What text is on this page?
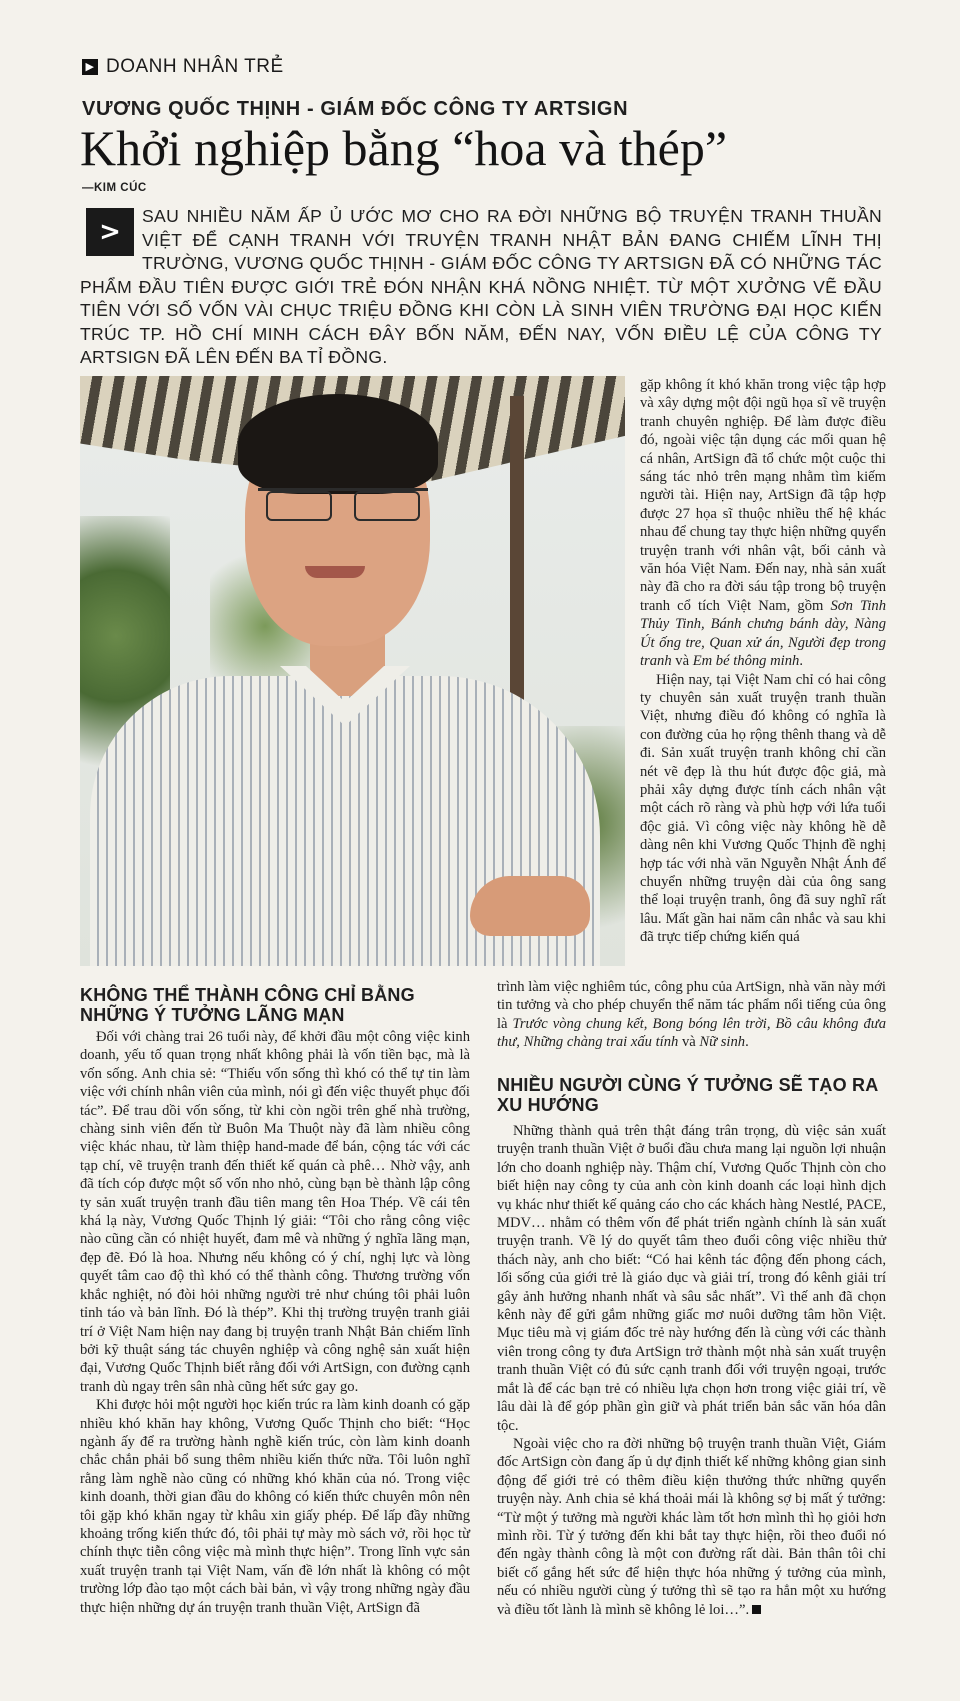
▶ DOANH NHÂN TRẺ
VƯƠNG QUỐC THỊNH - GIÁM ĐỐC CÔNG TY ARTSIGN
Khởi nghiệp bằng “hoa và thép”
—KIM CÚC
SAU NHIỀU NĂM ẤP Ủ ƯỚC MƠ CHO RA ĐỜI NHỮNG BỘ TRUYỆN TRANH THUẦN VIỆT ĐỂ CẠNH TRANH VỚI TRUYỆN TRANH NHẬT BẢN ĐANG CHIẾM LĨNH THỊ TRƯỜNG, VƯƠNG QUỐC THỊNH - GIÁM ĐỐC CÔNG TY ARTSIGN ĐÃ CÓ NHỮNG TÁC PHẨM ĐẦU TIÊN ĐƯỢC GIỚI TRẺ ĐÓN NHẬN KHÁ NỒNG NHIỆT. TỪ MỘT XƯỞNG VẼ ĐẦU TIÊN VỚI SỐ VỐN VÀI CHỤC TRIỆU ĐỒNG KHI CÒN LÀ SINH VIÊN TRƯỜNG ĐẠI HỌC KIẾN TRÚC TP. HỒ CHÍ MINH CÁCH ĐÂY BỐN NĂM, ĐẾN NAY, VỐN ĐIỀU LỆ CỦA CÔNG TY ARTSIGN ĐÃ LÊN ĐẾN BA TỈ ĐỒNG.
>

gặp không ít khó khăn trong việc tập hợp và xây dựng một đội ngũ họa sĩ vẽ truyện tranh chuyên nghiệp. Để làm được điều đó, ngoài việc tận dụng các mối quan hệ cá nhân, ArtSign đã tổ chức một cuộc thi sáng tác nhỏ trên mạng nhằm tìm kiếm người tài. Hiện nay, ArtSign đã tập hợp được 27 họa sĩ thuộc nhiều thế hệ khác nhau để chung tay thực hiện những quyển truyện tranh với nhân vật, bối cảnh và văn hóa Việt Nam. Đến nay, nhà sản xuất này đã cho ra đời sáu tập trong bộ truyện tranh cổ tích Việt Nam, gồm Sơn Tinh Thủy Tinh, Bánh chưng bánh dày, Nàng Út ống tre, Quan xử án, Người đẹp trong tranh và Em bé thông minh.

Hiện nay, tại Việt Nam chỉ có hai công ty chuyên sản xuất truyện tranh thuần Việt, nhưng điều đó không có nghĩa là con đường của họ rộng thênh thang và dễ đi. Sản xuất truyện tranh không chỉ cần nét vẽ đẹp là thu hút được độc giả, mà phải xây dựng được tính cách nhân vật một cách rõ ràng và phù hợp với lứa tuổi độc giả. Vì công việc này không hề dễ dàng nên khi Vương Quốc Thịnh đề nghị hợp tác với nhà văn Nguyễn Nhật Ánh để chuyển những truyện dài của ông sang thể loại truyện tranh, ông đã suy nghĩ rất lâu. Mất gần hai năm cân nhắc và sau khi đã trực tiếp chứng kiến quá

trình làm việc nghiêm túc, công phu của ArtSign, nhà văn này mới tin tưởng và cho phép chuyển thể năm tác phẩm nổi tiếng của ông là Trước vòng chung kết, Bong bóng lên trời, Bồ câu không đưa thư, Những chàng trai xấu tính và Nữ sinh.

KHÔNG THỂ THÀNH CÔNG CHỈ BẰNG NHỮNG Ý TƯỞNG LÃNG MẠN

Đối với chàng trai 26 tuổi này, để khởi đầu một công việc kinh doanh, yếu tố quan trọng nhất không phải là vốn tiền bạc, mà là vốn sống. Anh chia sẻ: “Thiếu vốn sống thì khó có thể tự tin làm việc với chính nhân viên của mình, nói gì đến việc thuyết phục đối tác”. Để trau dồi vốn sống, từ khi còn ngồi trên ghế nhà trường, chàng sinh viên đến từ Buôn Ma Thuột này đã làm nhiều công việc khác nhau, từ làm thiệp hand-made để bán, cộng tác với các tạp chí, vẽ truyện tranh đến thiết kế quán cà phê… Nhờ vậy, anh đã tích cóp được một số vốn nho nhỏ, cùng bạn bè thành lập công ty sản xuất truyện tranh đầu tiên mang tên Hoa Thép. Về cái tên khá lạ này, Vương Quốc Thịnh lý giải: “Tôi cho rằng công việc nào cũng cần có nhiệt huyết, đam mê và những ý nghĩa lãng mạn, đẹp đẽ. Đó là hoa. Nhưng nếu không có ý chí, nghị lực và lòng quyết tâm cao độ thì khó có thể thành công. Thương trường vốn khắc nghiệt, nó đòi hỏi những người trẻ như chúng tôi phải luôn tỉnh táo và bản lĩnh. Đó là thép”. Khi thị trường truyện tranh giải trí ở Việt Nam hiện nay đang bị truyện tranh Nhật Bản chiếm lĩnh bởi kỹ thuật sáng tác chuyên nghiệp và công nghệ sản xuất hiện đại, Vương Quốc Thịnh biết rằng đối với ArtSign, con đường cạnh tranh dù ngay trên sân nhà cũng hết sức gay go.

Khi được hỏi một người học kiến trúc ra làm kinh doanh có gặp nhiều khó khăn hay không, Vương Quốc Thịnh cho biết: “Học ngành ấy để ra trường hành nghề kiến trúc, còn làm kinh doanh chắc chắn phải bổ sung thêm nhiều kiến thức nữa. Tôi luôn nghĩ rằng làm nghề nào cũng có những khó khăn của nó. Trong việc kinh doanh, thời gian đầu do không có kiến thức chuyên môn nên tôi gặp khó khăn ngay từ khâu xin giấy phép. Để lấp đầy những khoảng trống kiến thức đó, tôi phải tự mày mò sách vở, rồi học từ chính thực tiễn công việc mà mình thực hiện”. Trong lĩnh vực sản xuất truyện tranh tại Việt Nam, vấn đề lớn nhất là không có một trường lớp đào tạo một cách bài bản, vì vậy trong những ngày đầu thực hiện những dự án truyện tranh thuần Việt, ArtSign đã

NHIỀU NGƯỜI CÙNG Ý TƯỞNG SẼ TẠO RA XU HƯỚNG

Những thành quả trên thật đáng trân trọng, dù việc sản xuất truyện tranh thuần Việt ở buổi đầu chưa mang lại nguồn lợi nhuận lớn cho doanh nghiệp này. Thậm chí, Vương Quốc Thịnh còn cho biết hiện nay công ty của anh còn kinh doanh các loại hình dịch vụ khác như thiết kế quảng cáo cho các khách hàng Nestlé, PACE, MDV… nhằm có thêm vốn để phát triển ngành chính là sản xuất truyện tranh. Về lý do quyết tâm theo đuổi công việc nhiều thử thách này, anh cho biết: “Có hai kênh tác động đến phong cách, lối sống của giới trẻ là giáo dục và giải trí, trong đó kênh giải trí gây ảnh hưởng nhanh nhất và sâu sắc nhất”. Vì thế anh đã chọn kênh này để gửi gắm những giấc mơ nuôi dưỡng tâm hồn Việt. Mục tiêu mà vị giám đốc trẻ này hướng đến là cùng với các thành viên trong công ty đưa ArtSign trở thành một nhà sản xuất truyện tranh thuần Việt có đủ sức cạnh tranh đối với truyện ngoại, trước mắt là để các bạn trẻ có nhiều lựa chọn hơn trong việc giải trí, về lâu dài là để góp phần gìn giữ và phát triển bản sắc văn hóa dân tộc.

Ngoài việc cho ra đời những bộ truyện tranh thuần Việt, Giám đốc ArtSign còn đang ấp ủ dự định thiết kế những không gian sinh động để giới trẻ có thêm điều kiện thưởng thức những quyển truyện này. Anh chia sẻ khá thoải mái là không sợ bị mất ý tưởng: “Từ một ý tưởng mà người khác làm tốt hơn mình thì họ giỏi hơn mình rồi. Từ ý tưởng đến khi bắt tay thực hiện, rồi theo đuổi nó đến ngày thành công là một con đường rất dài. Bản thân tôi chỉ biết cố gắng hết sức để hiện thực hóa những ý tưởng của mình, nếu có nhiều người cùng ý tưởng thì sẽ tạo ra hẳn một xu hướng và điều tốt lành là mình sẽ không lẻ loi…”.
